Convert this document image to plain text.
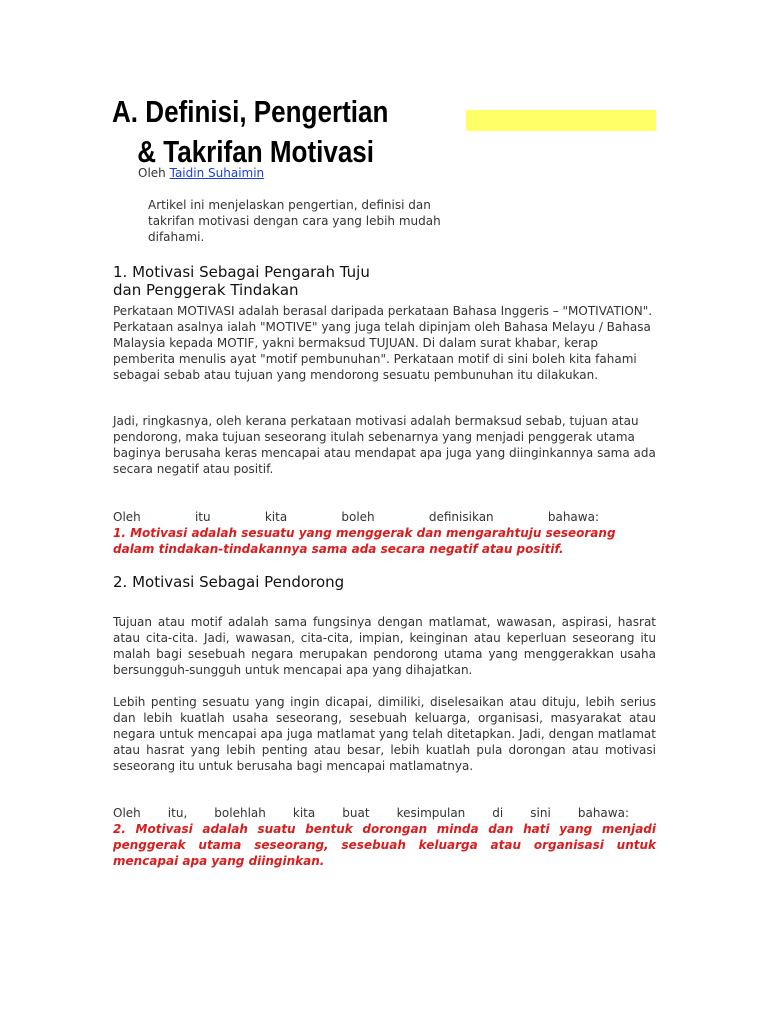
A. Definisi, Pengertian
& Takrifan Motivasi
Oleh Taidin Suhaimin

Artikel ini menjelaskan pengertian, definisi dan takrifan motivasi dengan cara yang lebih mudah difahami.

1. Motivasi Sebagai Pengarah Tuju
dan Penggerak Tindakan

Perkataan MOTIVASI adalah berasal daripada perkataan Bahasa Inggeris – "MOTIVATION". Perkataan asalnya ialah "MOTIVE" yang juga telah dipinjam oleh Bahasa Melayu / Bahasa Malaysia kepada MOTIF, yakni bermaksud TUJUAN. Di dalam surat khabar, kerap pemberita menulis ayat "motif pembunuhan". Perkataan motif di sini boleh kita fahami sebagai sebab atau tujuan yang mendorong sesuatu pembunuhan itu dilakukan.

Jadi, ringkasnya, oleh kerana perkataan motivasi adalah bermaksud sebab, tujuan atau pendorong, maka tujuan seseorang itulah sebenarnya yang menjadi penggerak utama baginya berusaha keras mencapai atau mendapat apa juga yang diinginkannya sama ada secara negatif atau positif.

Oleh itu kita boleh definisikan bahawa:

1. Motivasi adalah sesuatu yang menggerak dan mengarahtuju seseorang dalam tindakan-tindakannya sama ada secara negatif atau positif.

2. Motivasi Sebagai Pendorong

Tujuan atau motif adalah sama fungsinya dengan matlamat, wawasan, aspirasi, hasrat atau cita-cita. Jadi, wawasan, cita-cita, impian, keinginan atau keperluan seseorang itu malah bagi sesebuah negara merupakan pendorong utama yang menggerakkan usaha bersungguh-sungguh untuk mencapai apa yang dihajatkan.

Lebih penting sesuatu yang ingin dicapai, dimiliki, diselesaikan atau dituju, lebih serius dan lebih kuatlah usaha seseorang, sesebuah keluarga, organisasi, masyarakat atau negara untuk mencapai apa juga matlamat yang telah ditetapkan. Jadi, dengan matlamat atau hasrat yang lebih penting atau besar, lebih kuatlah pula dorongan atau motivasi seseorang itu untuk berusaha bagi mencapai matlamatnya.

Oleh itu, bolehlah kita buat kesimpulan di sini bahawa:

2. Motivasi adalah suatu bentuk dorongan minda dan hati yang menjadi penggerak utama seseorang, sesebuah keluarga atau organisasi untuk mencapai apa yang diinginkan.
